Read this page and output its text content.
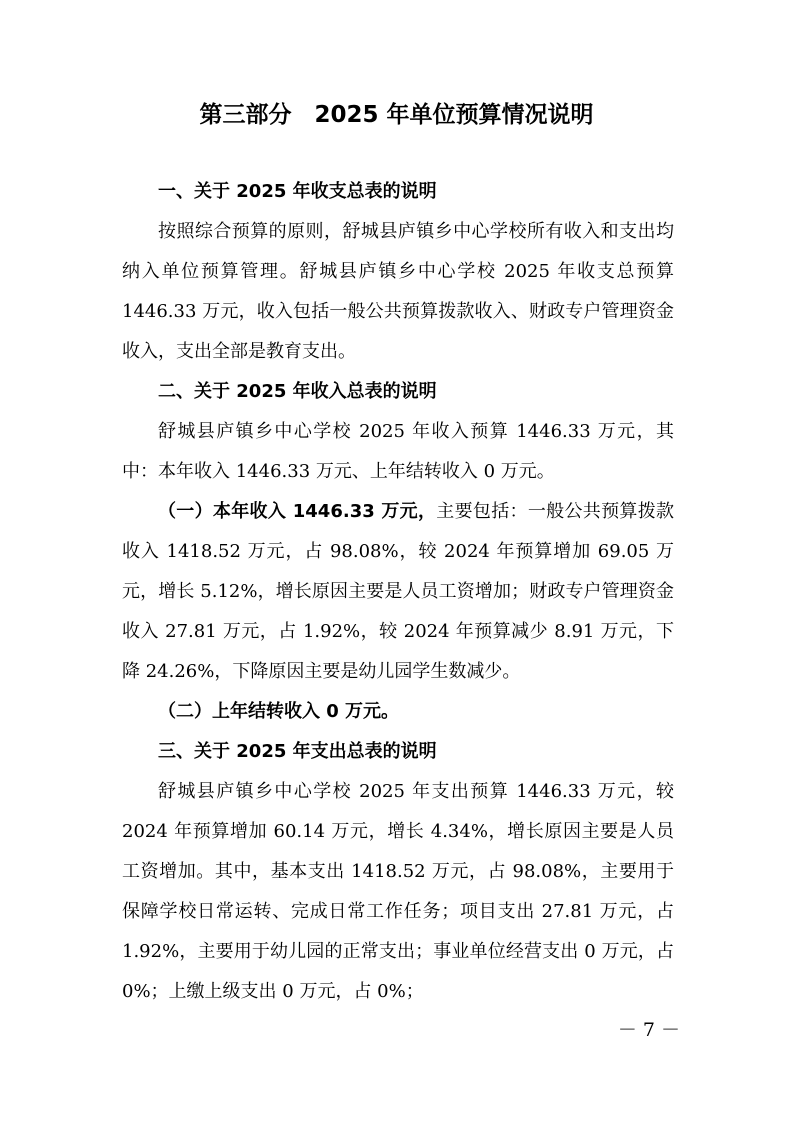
第三部分　2025 年单位预算情况说明

一、关于 2025 年收支总表的说明

按照综合预算的原则，舒城县庐镇乡中心学校所有收入和支出均纳入单位预算管理。舒城县庐镇乡中心学校 2025 年收支总预算 1446.33 万元，收入包括一般公共预算拨款收入、财政专户管理资金收入，支出全部是教育支出。

二、关于 2025 年收入总表的说明

舒城县庐镇乡中心学校 2025 年收入预算 1446.33 万元，其中：本年收入 1446.33 万元、上年结转收入 0 万元。

（一）本年收入 1446.33 万元，主要包括：一般公共预算拨款收入 1418.52 万元，占 98.08%，较 2024 年预算增加 69.05 万元，增长 5.12%，增长原因主要是人员工资增加；财政专户管理资金收入 27.81 万元，占 1.92%，较 2024 年预算减少 8.91 万元，下降 24.26%，下降原因主要是幼儿园学生数减少。

（二）上年结转收入 0 万元。

三、关于 2025 年支出总表的说明

舒城县庐镇乡中心学校 2025 年支出预算 1446.33 万元，较 2024 年预算增加 60.14 万元，增长 4.34%，增长原因主要是人员工资增加。其中，基本支出 1418.52 万元，占 98.08%，主要用于保障学校日常运转、完成日常工作任务；项目支出 27.81 万元，占 1.92%，主要用于幼儿园的正常支出；事业单位经营支出 0 万元，占 0%；上缴上级支出 0 万元，占 0%；

－ 7 －
